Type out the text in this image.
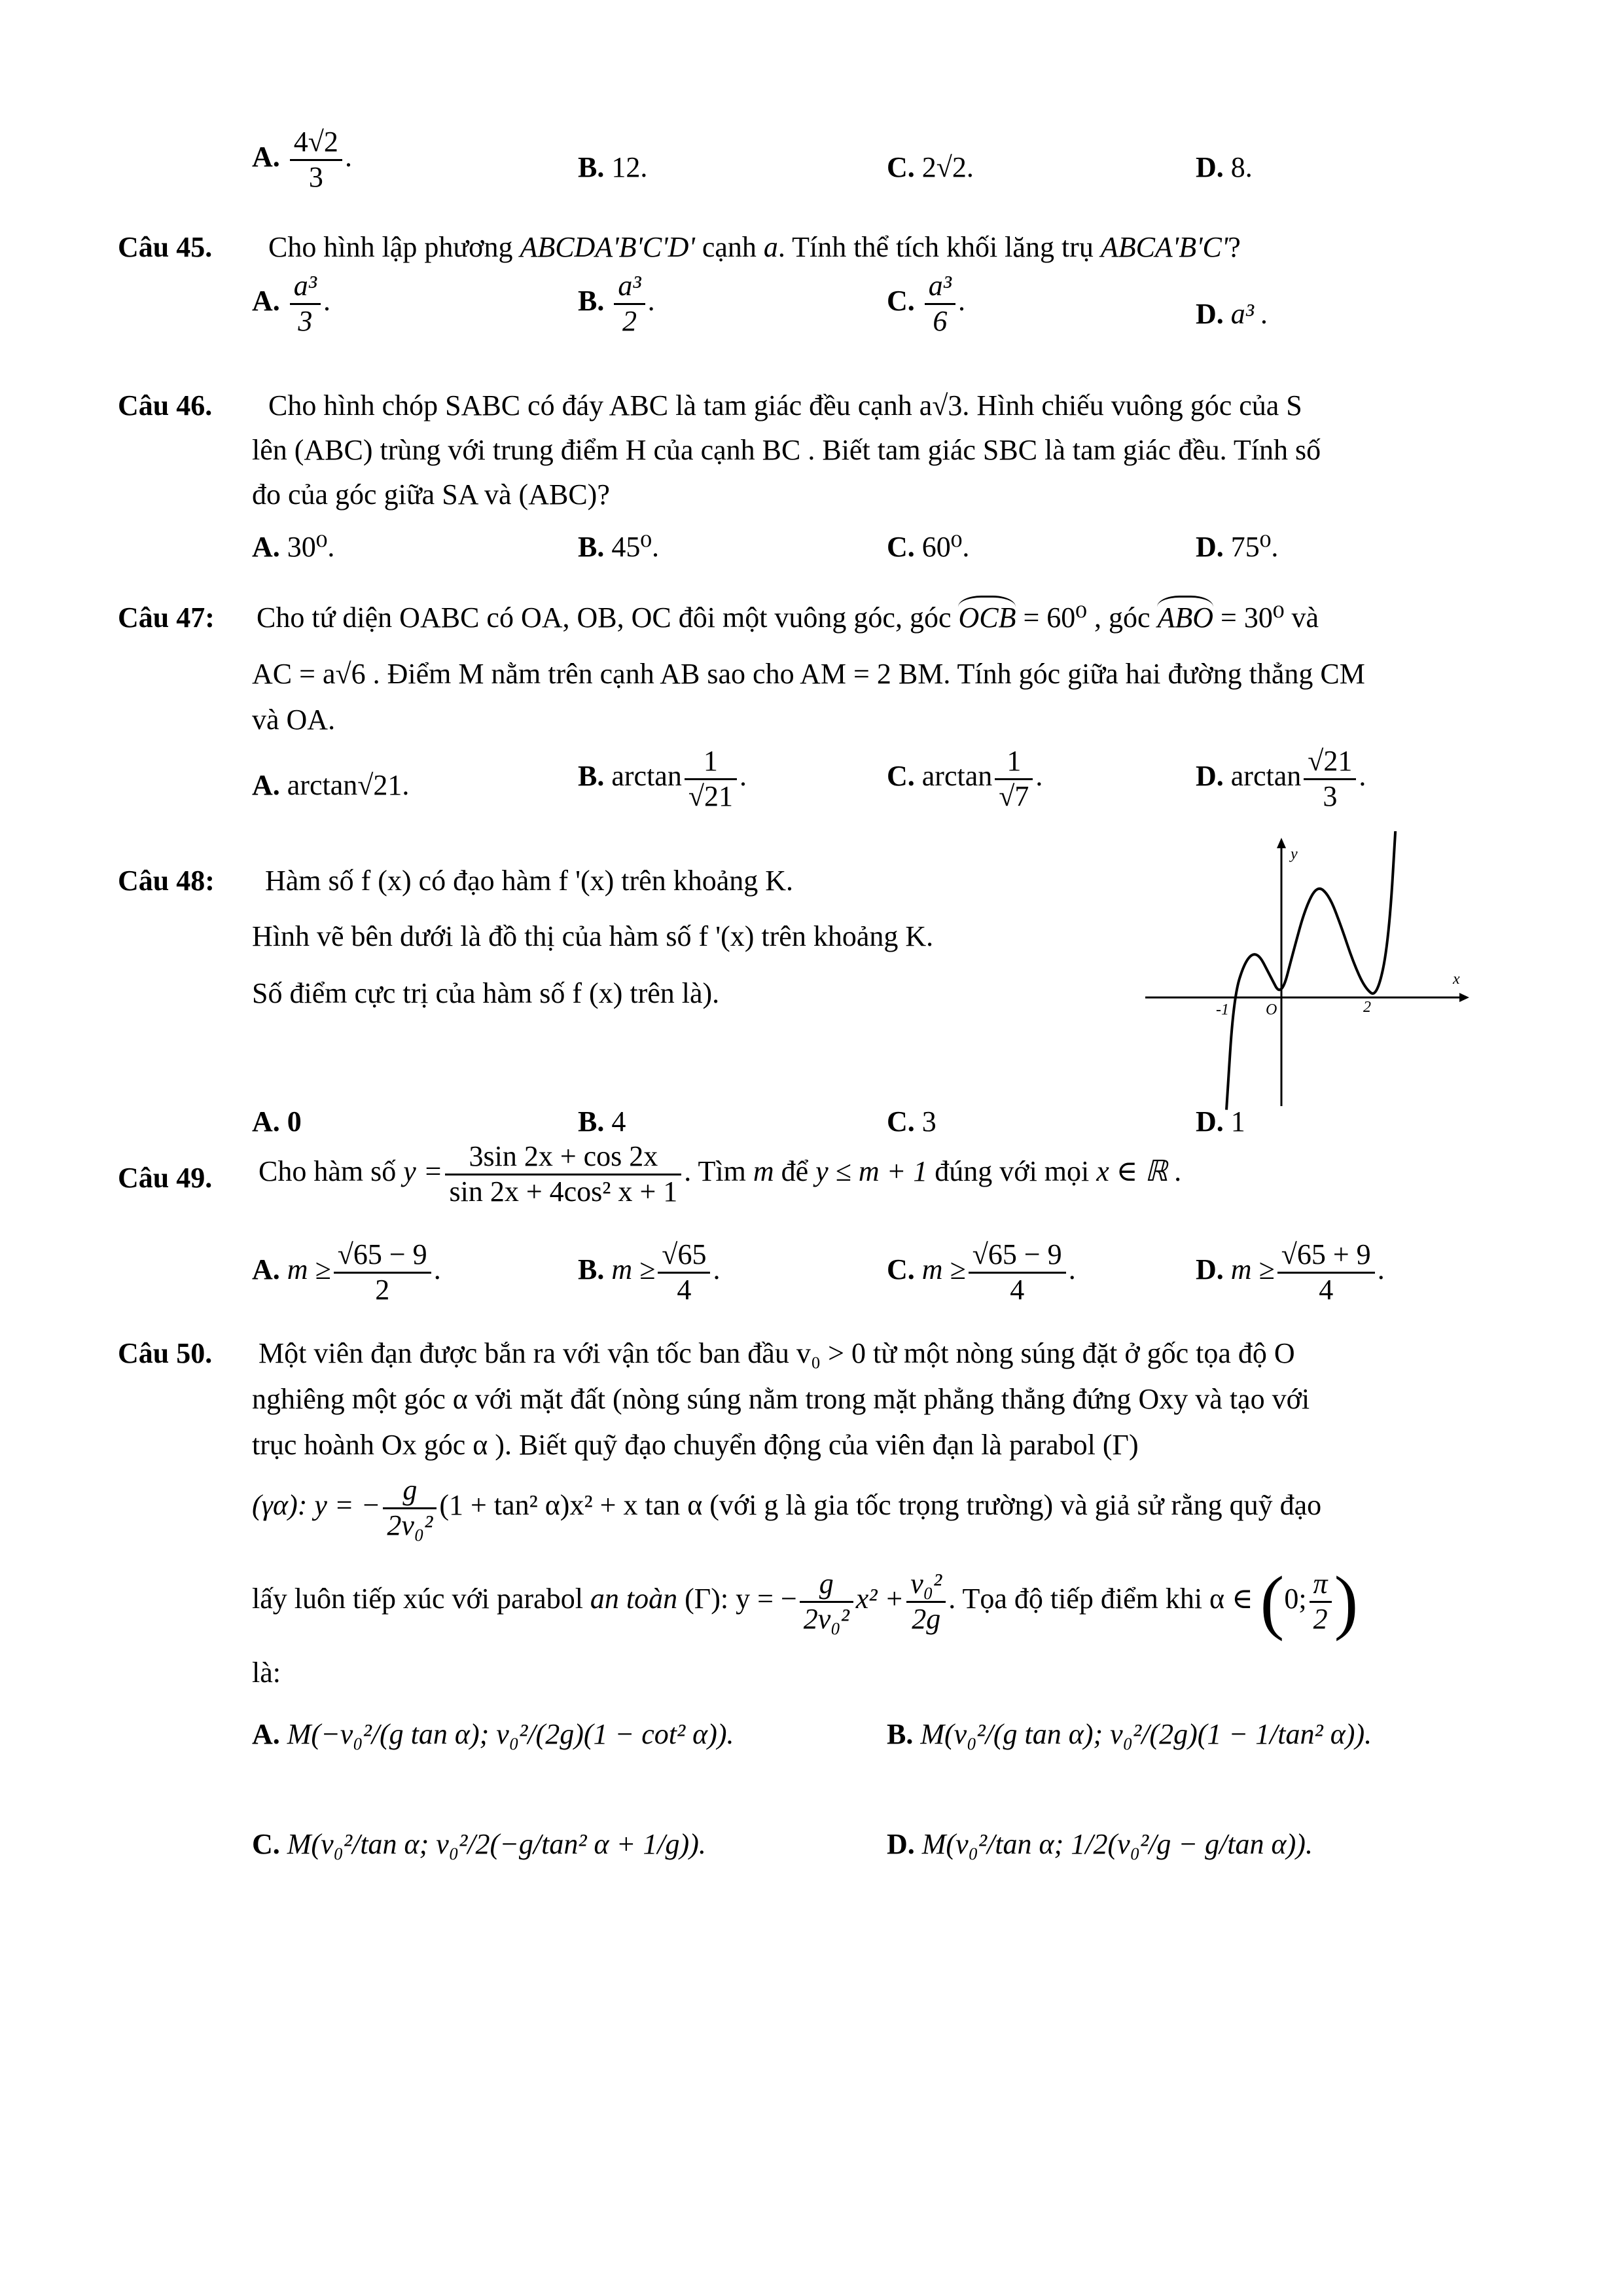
A. $\frac{4√2}{3}$ .	B. 12.	C. 2√2.	D. 8.
Câu 45. Cho hình lập phương ABCDA'B'C'D' cạnh a. Tính thể tích khối lăng trụ ABCA'B'C'?
A. $\frac{\text{a³}}{3}$ .	B. $\frac{\text{a³}}{2}$ .	C. $\frac{\text{a³}}{6}$ .	D. a³ .
Câu 46. Cho hình chóp SABC có đáy ABC là tam giác đều cạnh a√3. Hình chiếu vuông góc của S
lên (ABC) trùng với trung điểm H của cạnh BC . Biết tam giác SBC là tam giác đều. Tính số
đo của góc giữa SA và (ABC)?
A. 30⁰.	B. 45⁰.	C. 60⁰.	D. 75⁰.
Câu 47: Cho tứ diện OABC có OA, OB, OC đôi một vuông góc, góc OCB = 60⁰ , góc ABO = 30⁰ và
AC = a√6 . Điểm M nằm trên cạnh AB sao cho AM = 2 BM. Tính góc giữa hai đường thẳng CM
và OA.
A. arctan√21.	B. $\arctan \frac{1}{√21}$ .	C. $\arctan \frac{1}{√7}$ .	D. $\arctan \frac{√21}{3}$ .
Câu 48: Hàm số f (x) có đạo hàm f '(x) trên khoảng K.
Hình vẽ bên dưới là đồ thị của hàm số f '(x) trên khoảng K.
Số điểm cực trị của hàm số f (x) trên là).	x
y
-1 O	2
A. 0	B. 4	C. 3	D. 1
Câu 49. Cho hàm số $y = \frac{3\sin 2x + \cos 2x}{\text{sin 2x + 4cos² x + 1}}$ . Tìm m để y ≤ m + 1 đúng với mọi x ∈ ℝ .
A. $m \ge \frac{√65 - 9}{2}$ .	B. $m \ge \frac{√65}{4}$ .	C. $m \ge \frac{√65 - 9}{4}$ .	D. $m \ge \frac{√65 + 9}{4}$ .
Câu 50. Một viên đạn được bắn ra với vận tốc ban đầu v₀ > 0 từ một nòng súng đặt ở gốc tọa độ O
nghiêng một góc α với mặt đất (nòng súng nằm trong mặt phẳng thẳng đứng Oxy và tạo với
trục hoành Ox góc α ). Biết quỹ đạo chuyển động của viên đạn là parabol (Γ)
(γα): y = − $\frac{g}{\text{2v₀²}} (1 + \tan^2$ α)x² + x tan α (với g là gia tốc trọng trường) và giả sử rằng quỹ đạo
lấy luôn tiếp xúc với parabol an toàn (Γ): y = − $\frac{g}{\text{2v₀²}} x^2 + \frac{\text{v₀²}}{2g}$ . Tọa độ tiếp điểm khi α ∈ (0; $\frac{\pi}{2}$ )
là:
A. M(−v₀²/(g tan α); v₀²/(2g)(1 − cot² α)).	B. M(v₀²/(g tan α); v₀²/(2g)(1 − 1/tan² α)).
C. M(v₀²/tan α; v₀²/2(−g/tan² α + 1/g)).	D. M(v₀²/tan α; 1/2(v₀²/g − g/tan α)).
